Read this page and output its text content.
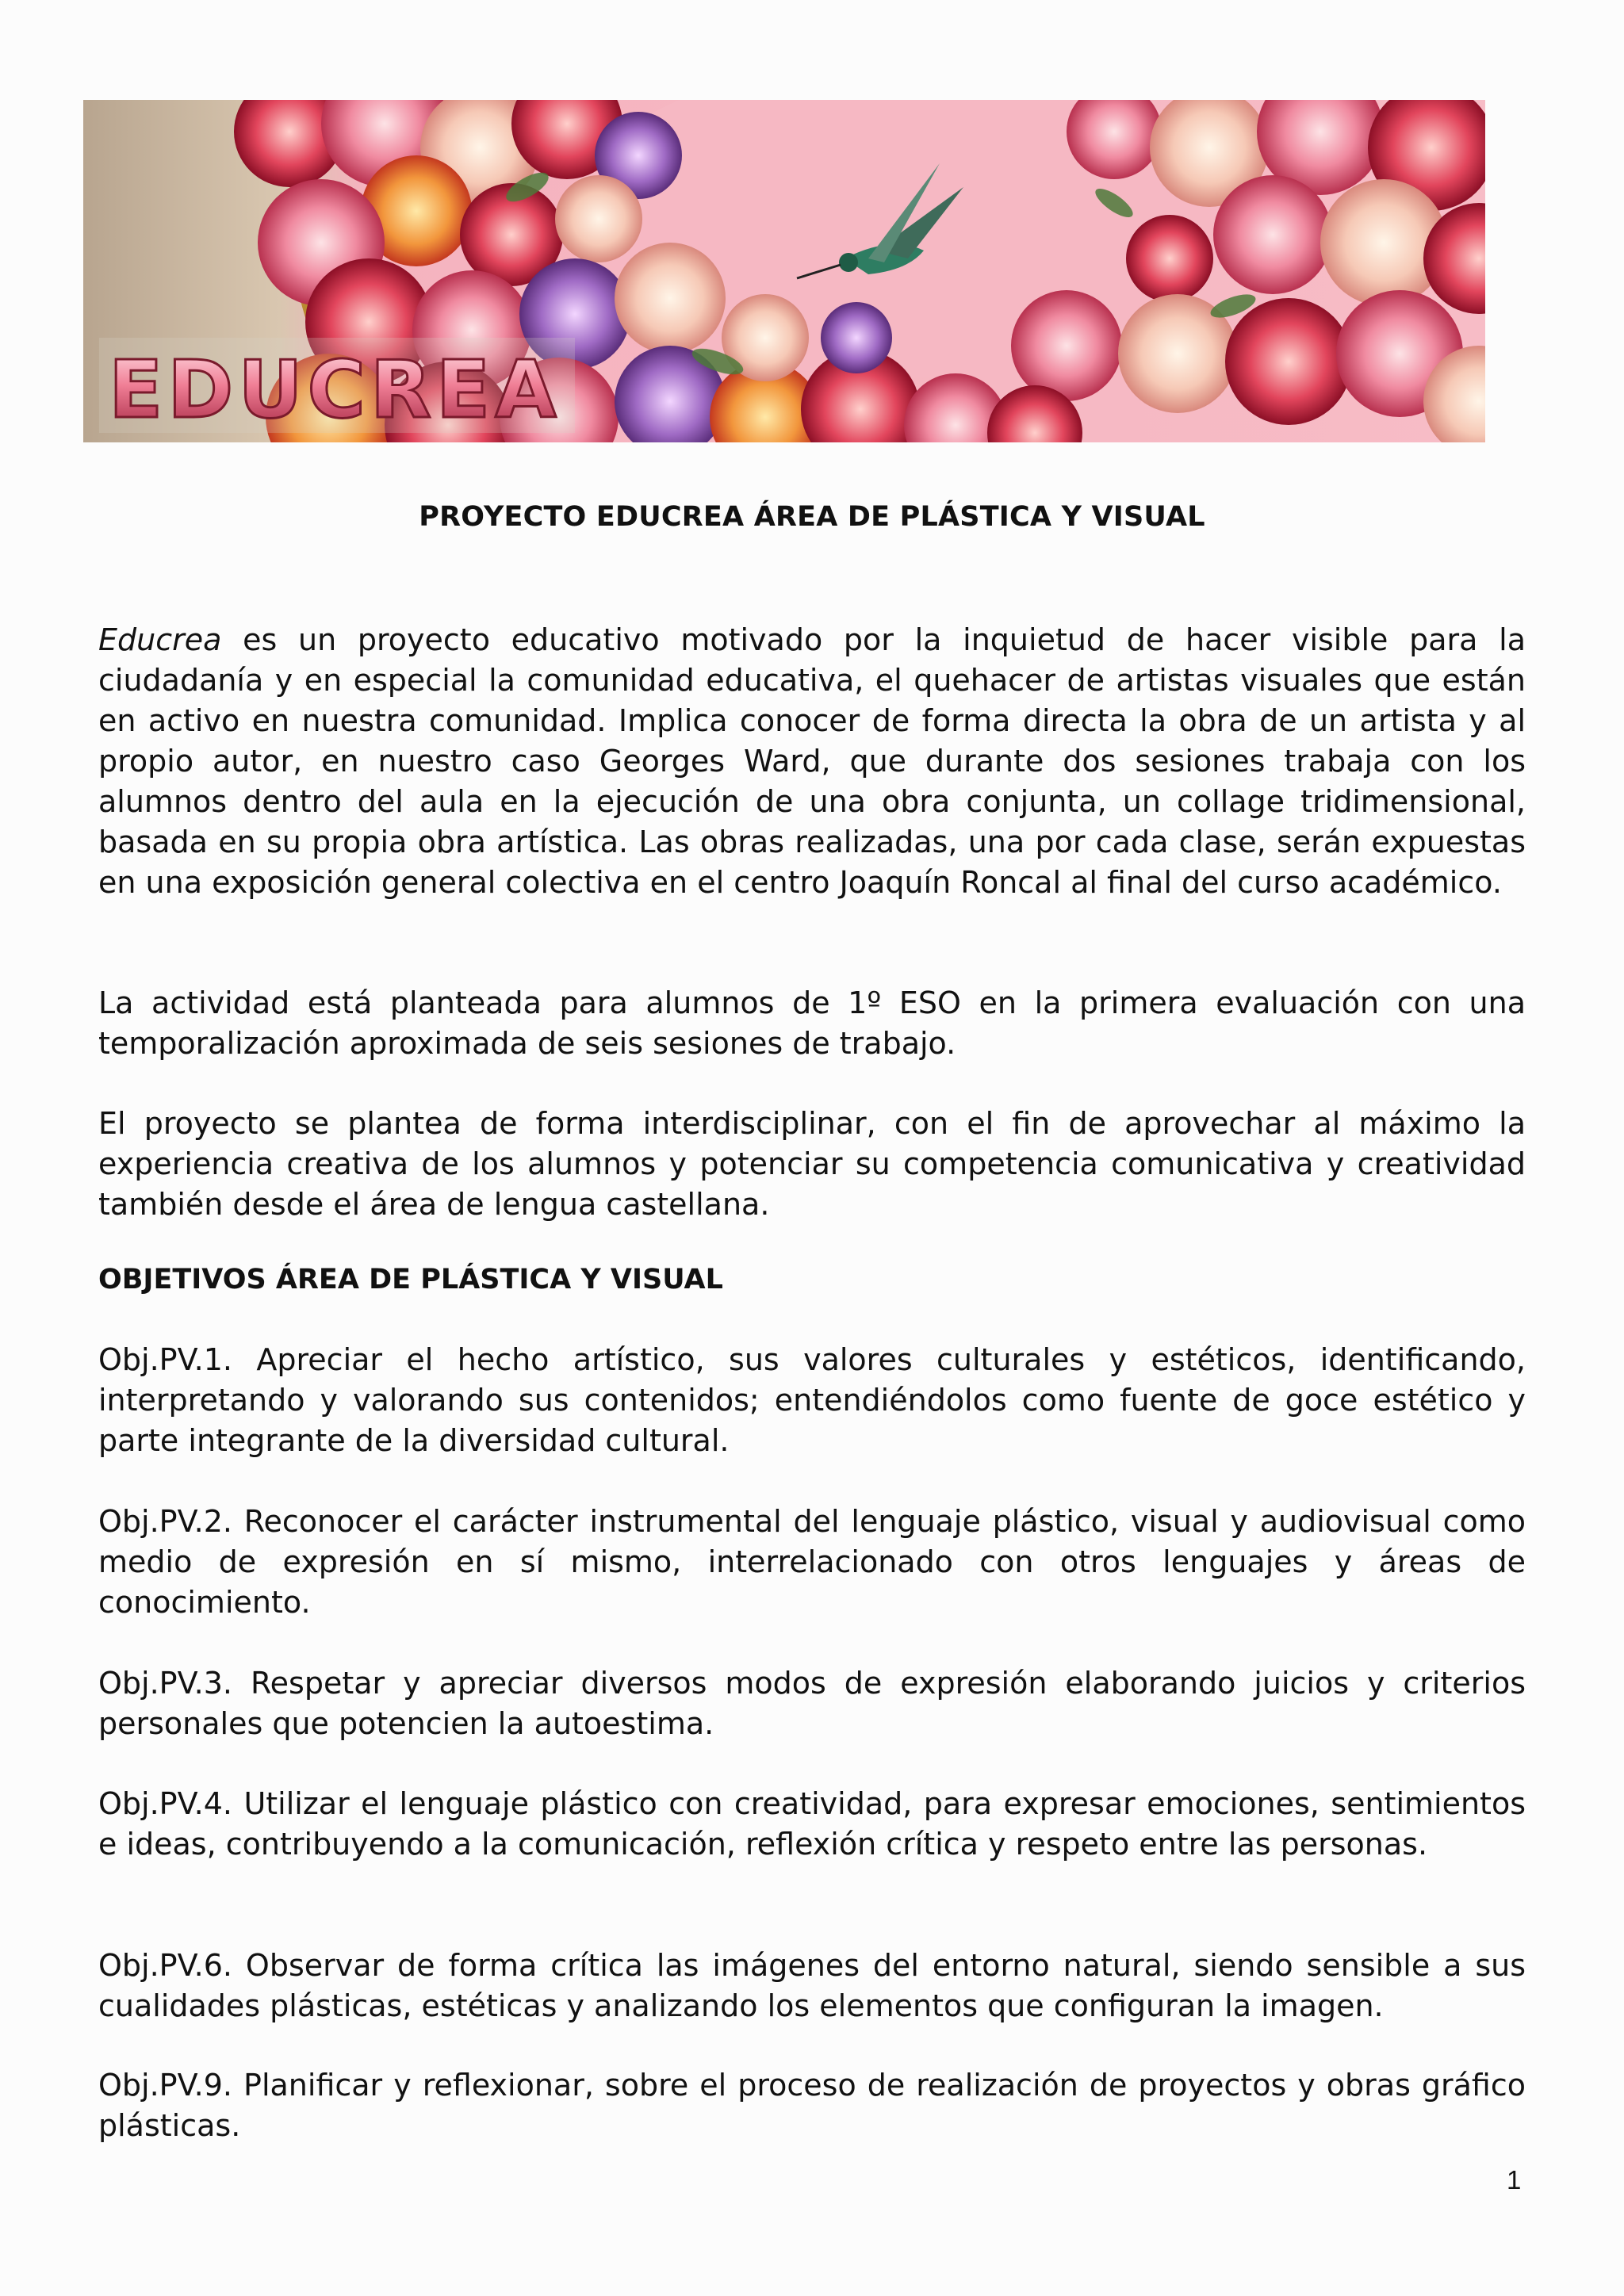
EDUCREA
PROYECTO EDUCREA ÁREA DE PLÁSTICA Y VISUAL
Educrea es un proyecto educativo motivado por la inquietud de hacer visible para la ciudadanía y en especial la comunidad educativa, el quehacer de artistas visuales que están en activo en nuestra comunidad. Implica conocer de forma directa la obra de un artista y al propio autor, en nuestro caso Georges Ward, que durante dos sesiones trabaja con los alumnos dentro del aula en la ejecución de una obra conjunta, un collage tridimensional, basada en su propia obra artística. Las obras realizadas, una por cada clase, serán expuestas en una exposición general colectiva en el centro Joaquín Roncal al final del curso académico.
La actividad está planteada para alumnos de 1º ESO en la primera evaluación con una temporalización aproximada de seis sesiones de trabajo.
El proyecto se plantea de forma interdisciplinar, con el fin de aprovechar al máximo la experiencia creativa de los alumnos y potenciar su competencia comunicativa y creatividad también desde el área de lengua castellana.
OBJETIVOS ÁREA DE PLÁSTICA Y VISUAL
Obj.PV.1. Apreciar el hecho artístico, sus valores culturales y estéticos, identificando, interpretando y valorando sus contenidos; entendiéndolos como fuente de goce estético y parte integrante de la diversidad cultural.
Obj.PV.2. Reconocer el carácter instrumental del lenguaje plástico, visual y audiovisual como medio de expresión en sí mismo, interrelacionado con otros lenguajes y áreas de conocimiento.
Obj.PV.3. Respetar y apreciar diversos modos de expresión elaborando juicios y criterios personales que potencien la autoestima.
Obj.PV.4. Utilizar el lenguaje plástico con creatividad, para expresar emociones, sentimientos e ideas, contribuyendo a la comunicación, reflexión crítica y respeto entre las personas.
Obj.PV.6. Observar de forma crítica las imágenes del entorno natural, siendo sensible a sus cualidades plásticas, estéticas y analizando los elementos que configuran la imagen.
Obj.PV.9. Planificar y reflexionar, sobre el proceso de realización de proyectos y obras gráfico plásticas.
1
